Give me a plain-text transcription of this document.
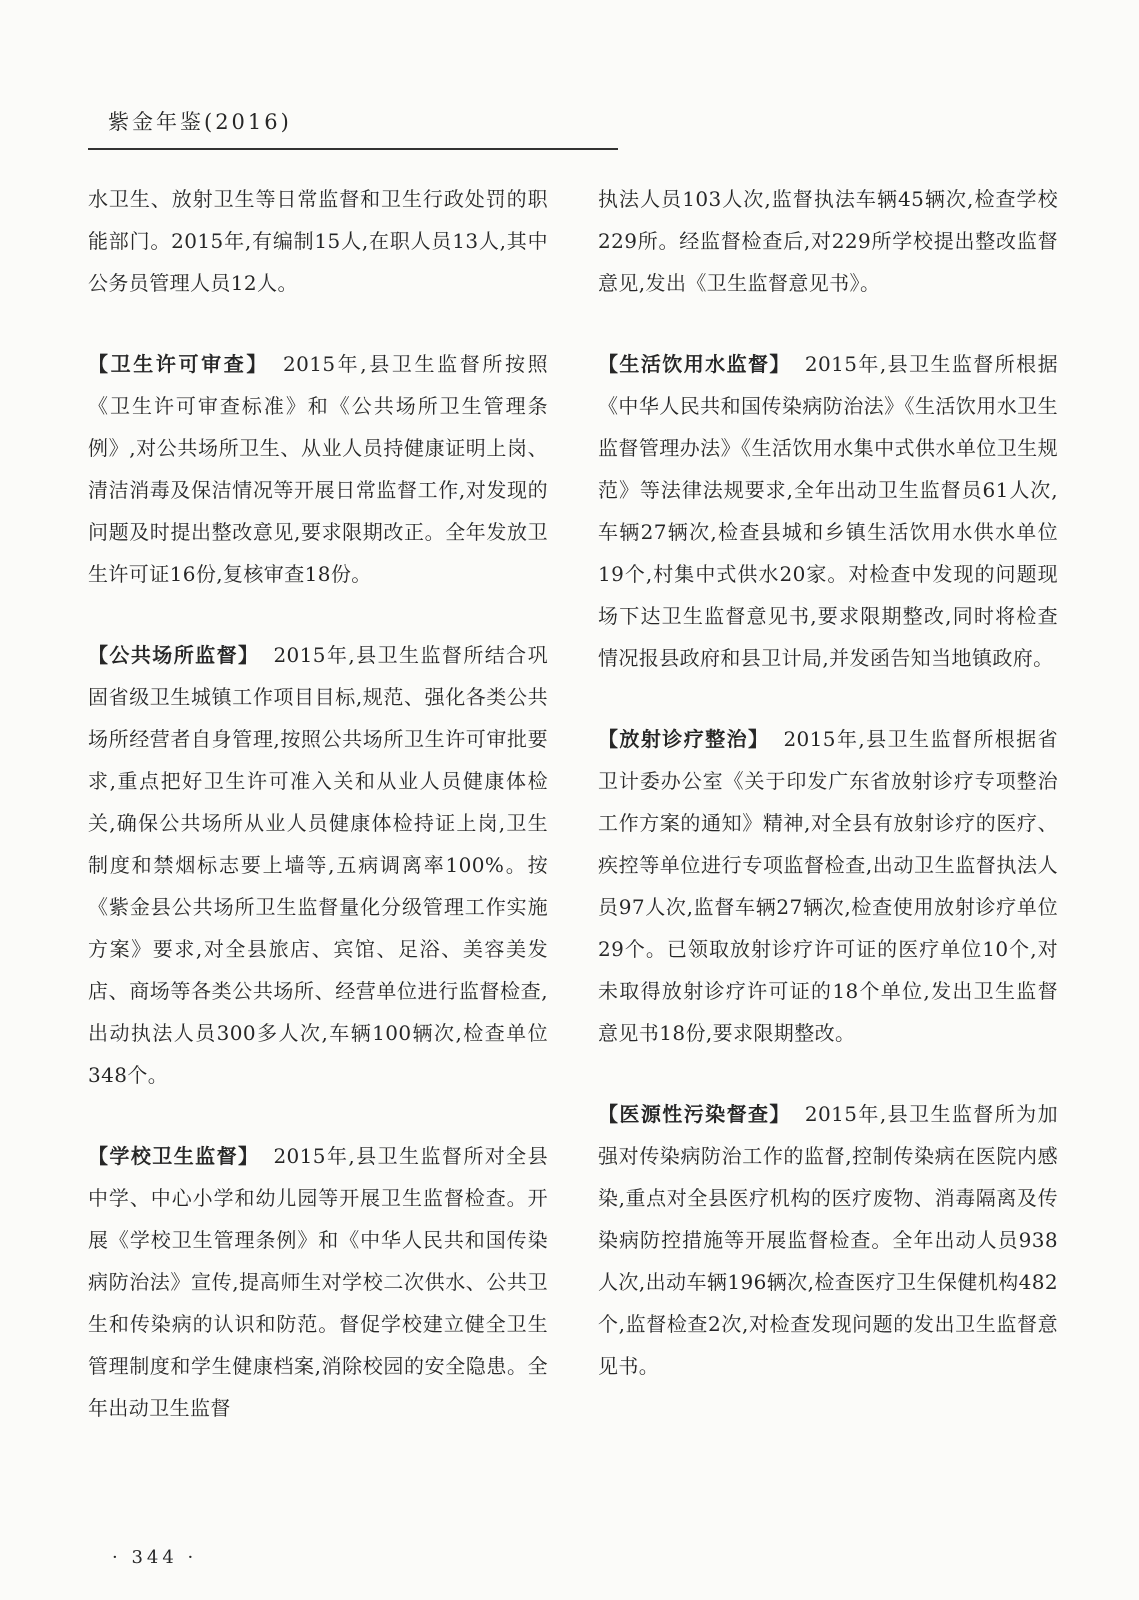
紫金年鉴(2016)

水卫生、放射卫生等日常监督和卫生行政处罚的职能部门。2015年,有编制15人,在职人员13人,其中公务员管理人员12人。

【卫生许可审查】 2015年,县卫生监督所按照《卫生许可审查标准》和《公共场所卫生管理条例》,对公共场所卫生、从业人员持健康证明上岗、清洁消毒及保洁情况等开展日常监督工作,对发现的问题及时提出整改意见,要求限期改正。全年发放卫生许可证16份,复核审查18份。

【公共场所监督】 2015年,县卫生监督所结合巩固省级卫生城镇工作项目目标,规范、强化各类公共场所经营者自身管理,按照公共场所卫生许可审批要求,重点把好卫生许可准入关和从业人员健康体检关,确保公共场所从业人员健康体检持证上岗,卫生制度和禁烟标志要上墙等,五病调离率100%。按《紫金县公共场所卫生监督量化分级管理工作实施方案》要求,对全县旅店、宾馆、足浴、美容美发店、商场等各类公共场所、经营单位进行监督检查,出动执法人员300多人次,车辆100辆次,检查单位348个。

【学校卫生监督】 2015年,县卫生监督所对全县中学、中心小学和幼儿园等开展卫生监督检查。开展《学校卫生管理条例》和《中华人民共和国传染病防治法》宣传,提高师生对学校二次供水、公共卫生和传染病的认识和防范。督促学校建立健全卫生管理制度和学生健康档案,消除校园的安全隐患。全年出动卫生监督

执法人员103人次,监督执法车辆45辆次,检查学校229所。经监督检查后,对229所学校提出整改监督意见,发出《卫生监督意见书》。

【生活饮用水监督】 2015年,县卫生监督所根据《中华人民共和国传染病防治法》《生活饮用水卫生监督管理办法》《生活饮用水集中式供水单位卫生规范》等法律法规要求,全年出动卫生监督员61人次,车辆27辆次,检查县城和乡镇生活饮用水供水单位19个,村集中式供水20家。对检查中发现的问题现场下达卫生监督意见书,要求限期整改,同时将检查情况报县政府和县卫计局,并发函告知当地镇政府。

【放射诊疗整治】 2015年,县卫生监督所根据省卫计委办公室《关于印发广东省放射诊疗专项整治工作方案的通知》精神,对全县有放射诊疗的医疗、疾控等单位进行专项监督检查,出动卫生监督执法人员97人次,监督车辆27辆次,检查使用放射诊疗单位29个。已领取放射诊疗许可证的医疗单位10个,对未取得放射诊疗许可证的18个单位,发出卫生监督意见书18份,要求限期整改。

【医源性污染督查】 2015年,县卫生监督所为加强对传染病防治工作的监督,控制传染病在医院内感染,重点对全县医疗机构的医疗废物、消毒隔离及传染病防控措施等开展监督检查。全年出动人员938人次,出动车辆196辆次,检查医疗卫生保健机构482个,监督检查2次,对检查发现问题的发出卫生监督意见书。

· 344 ·
